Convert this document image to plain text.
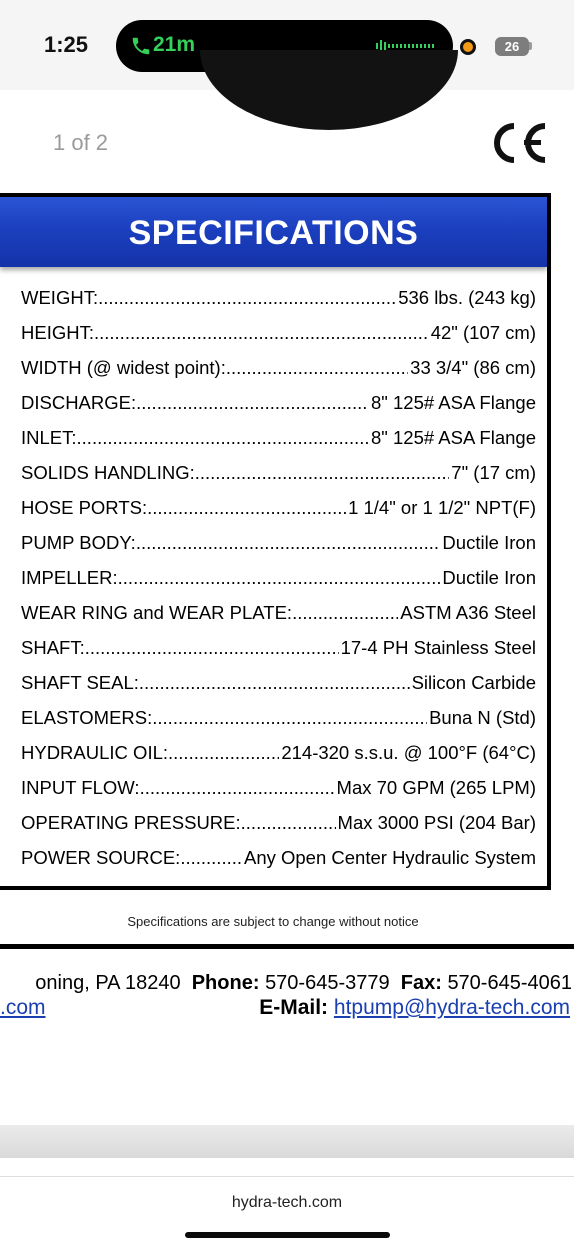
1:25	21m	26
1 of 2
SPECIFICATIONS
WEIGHT: .....	536 lbs. (243 kg)
HEIGHT: .....	42" (107 cm)
WIDTH (@ widest point): .....	33 3/4" (86 cm)
DISCHARGE: .....	8" 125# ASA Flange
INLET: .....	8" 125# ASA Flange
SOLIDS HANDLING: .....	7" (17 cm)
HOSE PORTS: .....	1 1/4" or 1 1/2" NPT(F)
PUMP BODY: .....	Ductile Iron
IMPELLER: .....	Ductile Iron
WEAR RING and WEAR PLATE: .....	ASTM A36 Steel
SHAFT: .....	17-4 PH Stainless Steel
SHAFT SEAL: .....	Silicon Carbide
ELASTOMERS: .....	Buna N (Std)
HYDRAULIC OIL: .....	214-320 s.s.u. @ 100°F (64°C)
INPUT FLOW: .....	Max 70 GPM (265 LPM)
OPERATING PRESSURE: .....	Max 3000 PSI (204 Bar)
POWER SOURCE: .....	Any Open Center Hydraulic System
Specifications are subject to change without notice
oning, PA 18240 Phone: 570-645-3779 Fax: 570-645-4061
.com	E-Mail: htpump@hydra-tech.com
hydra-tech.com
